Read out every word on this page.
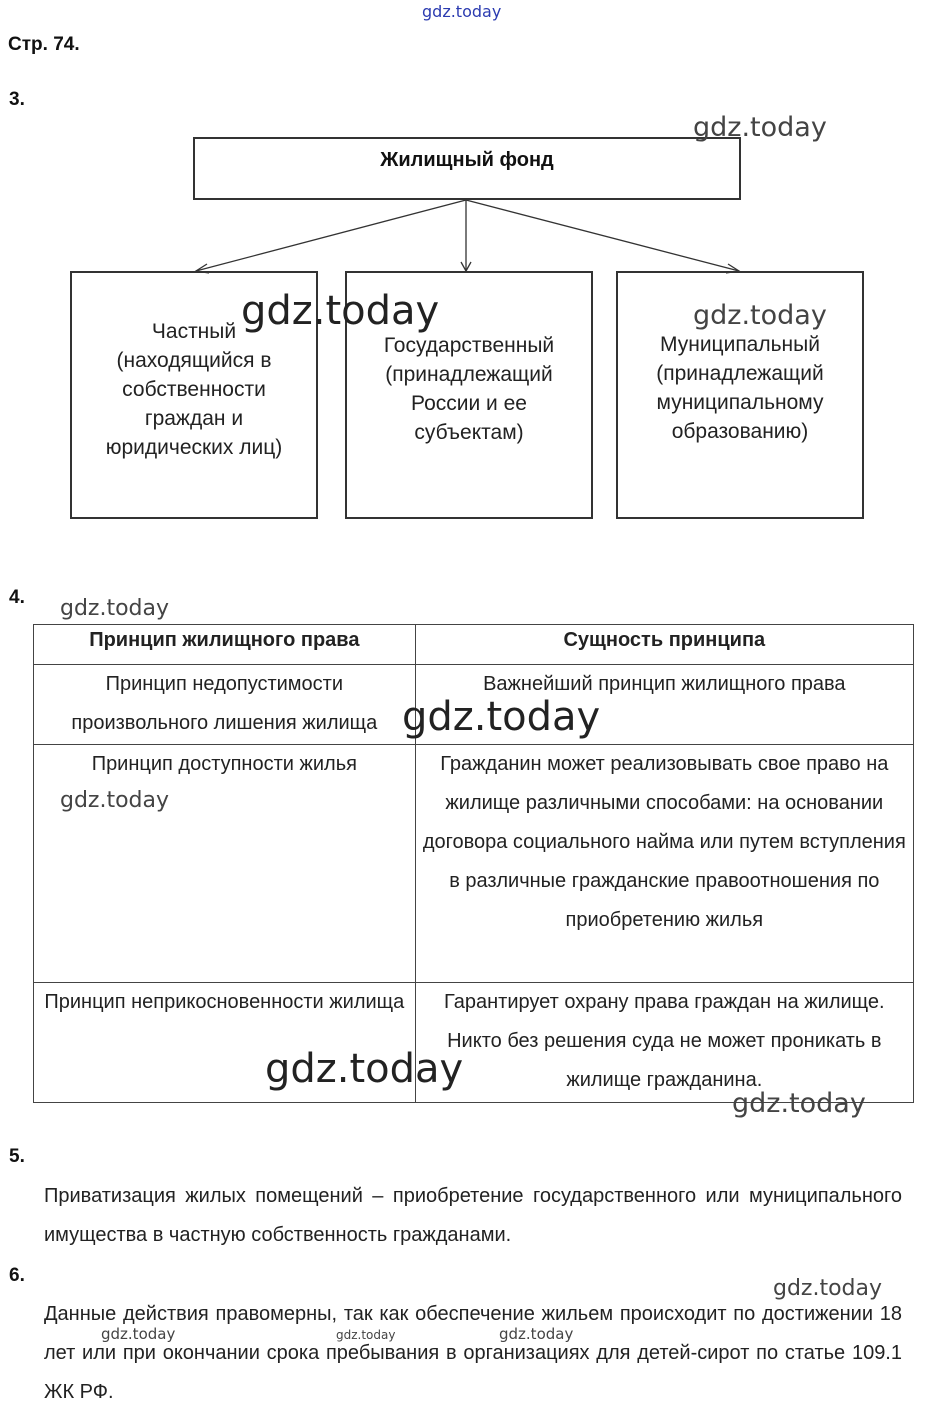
gdz.today
Стр. 74.
3.
Жилищный фонд
Частный
(находящийся в
собственности
граждан и
юридических лиц)
Государственный
(принадлежащий
России и ее
субъектам)
Муниципальный
(принадлежащий
муниципальному
образованию)
4.
Принцип жилищного права	Сущность принципа
Принцип недопустимости произвольного лишения жилища	Важнейший принцип жилищного права
Принцип доступности жилья	Гражданин может реализовывать свое право на жилище различными способами: на основании договора социального найма или путем вступления в различные гражданские правоотношения по приобретению жилья
Принцип неприкосновенности жилища	Гарантирует охрану права граждан на жилище. Никто без решения суда не может проникать в жилище гражданина.
5.
Приватизация жилых помещений – приобретение государственного или муниципального имущества в частную собственность гражданами.
6.
Данные действия правомерны, так как обеспечение жильем происходит по достижении 18 лет или при окончании срока пребывания в организациях для детей-сирот по статье 109.1 ЖК РФ.
gdz.today
gdz.today	gdz.today
gdz.today
gdz.today
gdz.today
gdz.today
gdz.today
gdz.today
gdz.today	gdz.today	gdz.today
